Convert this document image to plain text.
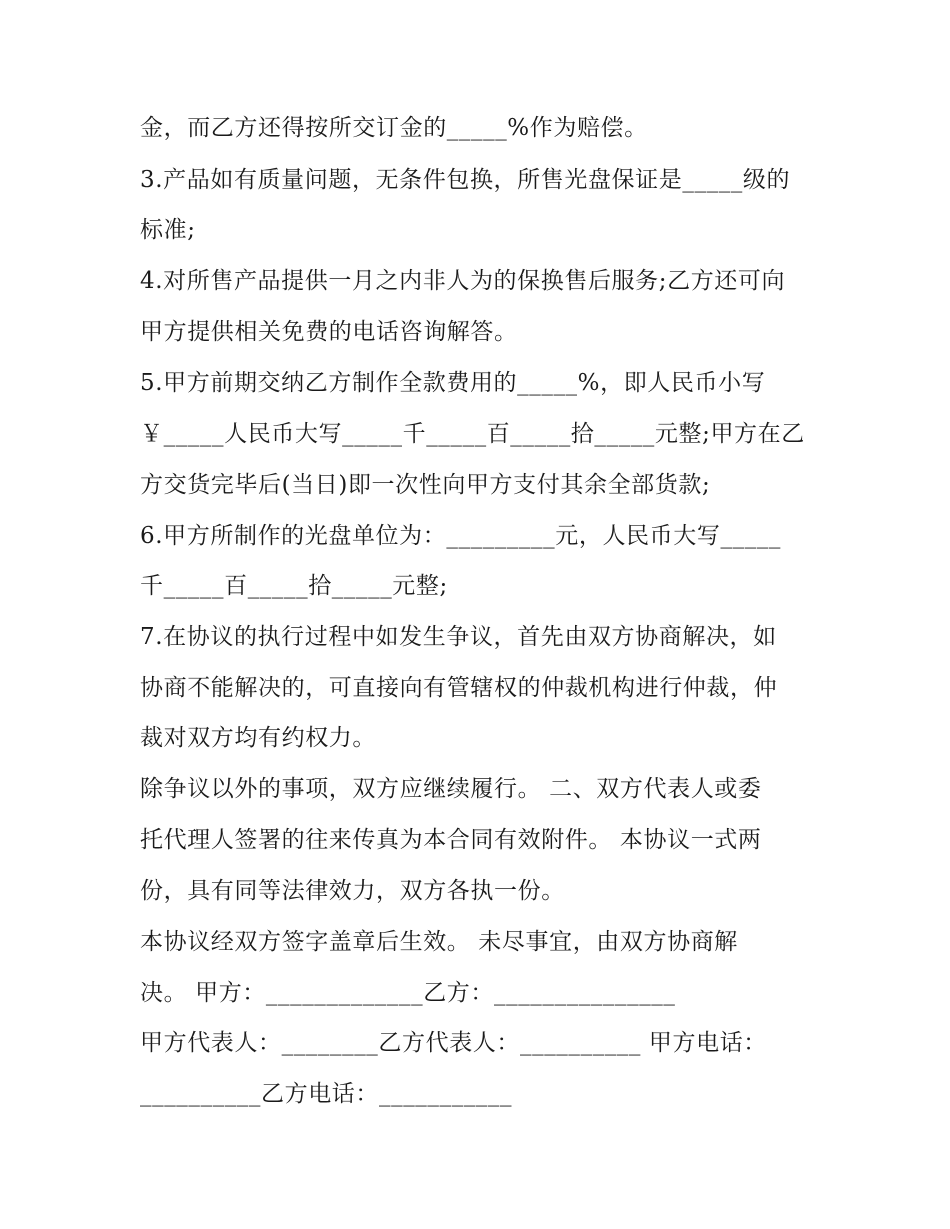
金，而乙方还得按所交订金的_____%作为赔偿。
3.产品如有质量问题，无条件包换，所售光盘保证是_____级的
标准;
4.对所售产品提供一月之内非人为的保换售后服务;乙方还可向
甲方提供相关免费的电话咨询解答。
5.甲方前期交纳乙方制作全款费用的_____%，即人民币小写
￥_____人民币大写_____千_____百_____拾_____元整;甲方在乙
方交货完毕后(当日)即一次性向甲方支付其余全部货款;
6.甲方所制作的光盘单位为：_________元，人民币大写_____
千_____百_____拾_____元整;
7.在协议的执行过程中如发生争议，首先由双方协商解决，如
协商不能解决的，可直接向有管辖权的仲裁机构进行仲裁，仲
裁对双方均有约权力。
除争议以外的事项，双方应继续履行。 二、双方代表人或委
托代理人签署的往来传真为本合同有效附件。 本协议一式两
份，具有同等法律效力，双方各执一份。
本协议经双方签字盖章后生效。 未尽事宜，由双方协商解
决。 甲方：_____________乙方：_______________
甲方代表人：________乙方代表人：__________ 甲方电话：
__________乙方电话：___________
